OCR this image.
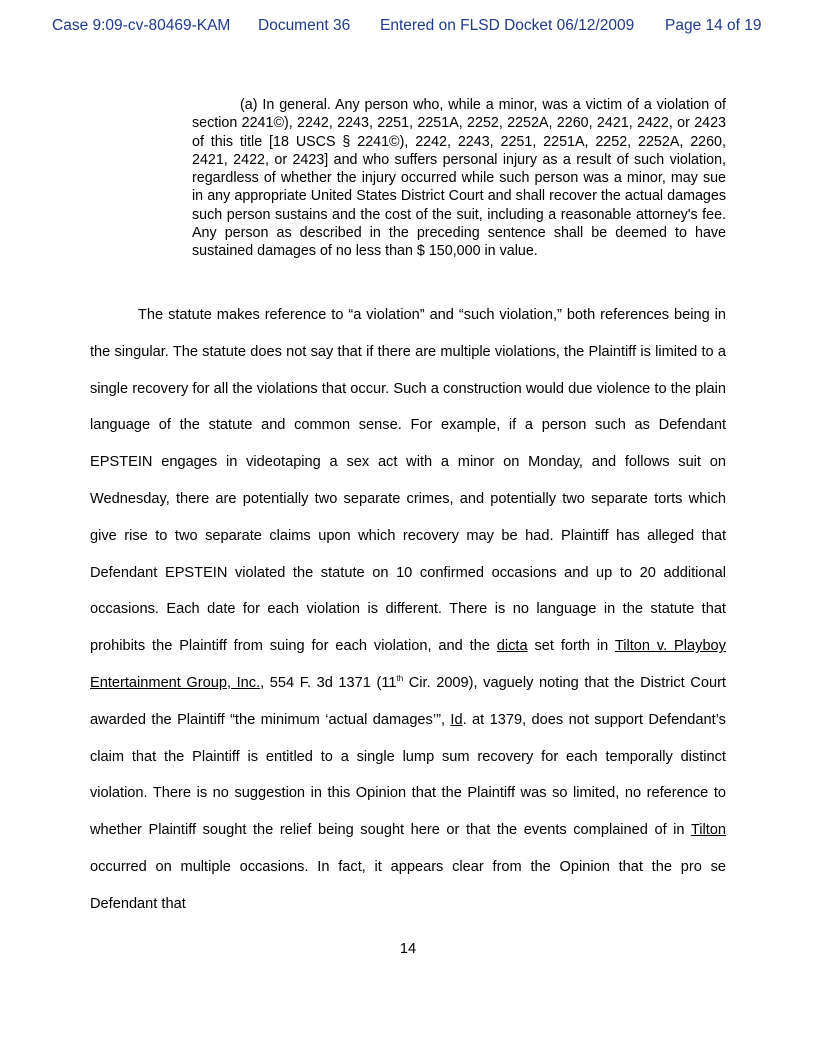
Case 9:09-cv-80469-KAM Document 36 Entered on FLSD Docket 06/12/2009 Page 14 of 19
(a) In general. Any person who, while a minor, was a victim of a violation of section 2241©), 2242, 2243, 2251, 2251A, 2252, 2252A, 2260, 2421, 2422, or 2423 of this title [18 USCS § 2241©), 2242, 2243, 2251, 2251A, 2252, 2252A, 2260, 2421, 2422, or 2423] and who suffers personal injury as a result of such violation, regardless of whether the injury occurred while such person was a minor, may sue in any appropriate United States District Court and shall recover the actual damages such person sustains and the cost of the suit, including a reasonable attorney's fee. Any person as described in the preceding sentence shall be deemed to have sustained damages of no less than $ 150,000 in value.

The statute makes reference to “a violation” and “such violation,” both references being in the singular. The statute does not say that if there are multiple violations, the Plaintiff is limited to a single recovery for all the violations that occur. Such a construction would due violence to the plain language of the statute and common sense. For example, if a person such as Defendant EPSTEIN engages in videotaping a sex act with a minor on Monday, and follows suit on Wednesday, there are potentially two separate crimes, and potentially two separate torts which give rise to two separate claims upon which recovery may be had. Plaintiff has alleged that Defendant EPSTEIN violated the statute on 10 confirmed occasions and up to 20 additional occasions. Each date for each violation is different. There is no language in the statute that prohibits the Plaintiff from suing for each violation, and the dicta set forth in Tilton v. Playboy Entertainment Group, Inc., 554 F. 3d 1371 (11th Cir. 2009), vaguely noting that the District Court awarded the Plaintiff “the minimum ‘actual damages’”, Id. at 1379, does not support Defendant’s claim that the Plaintiff is entitled to a single lump sum recovery for each temporally distinct violation. There is no suggestion in this Opinion that the Plaintiff was so limited, no reference to whether Plaintiff sought the relief being sought here or that the events complained of in Tilton occurred on multiple occasions. In fact, it appears clear from the Opinion that the pro se Defendant that

14
